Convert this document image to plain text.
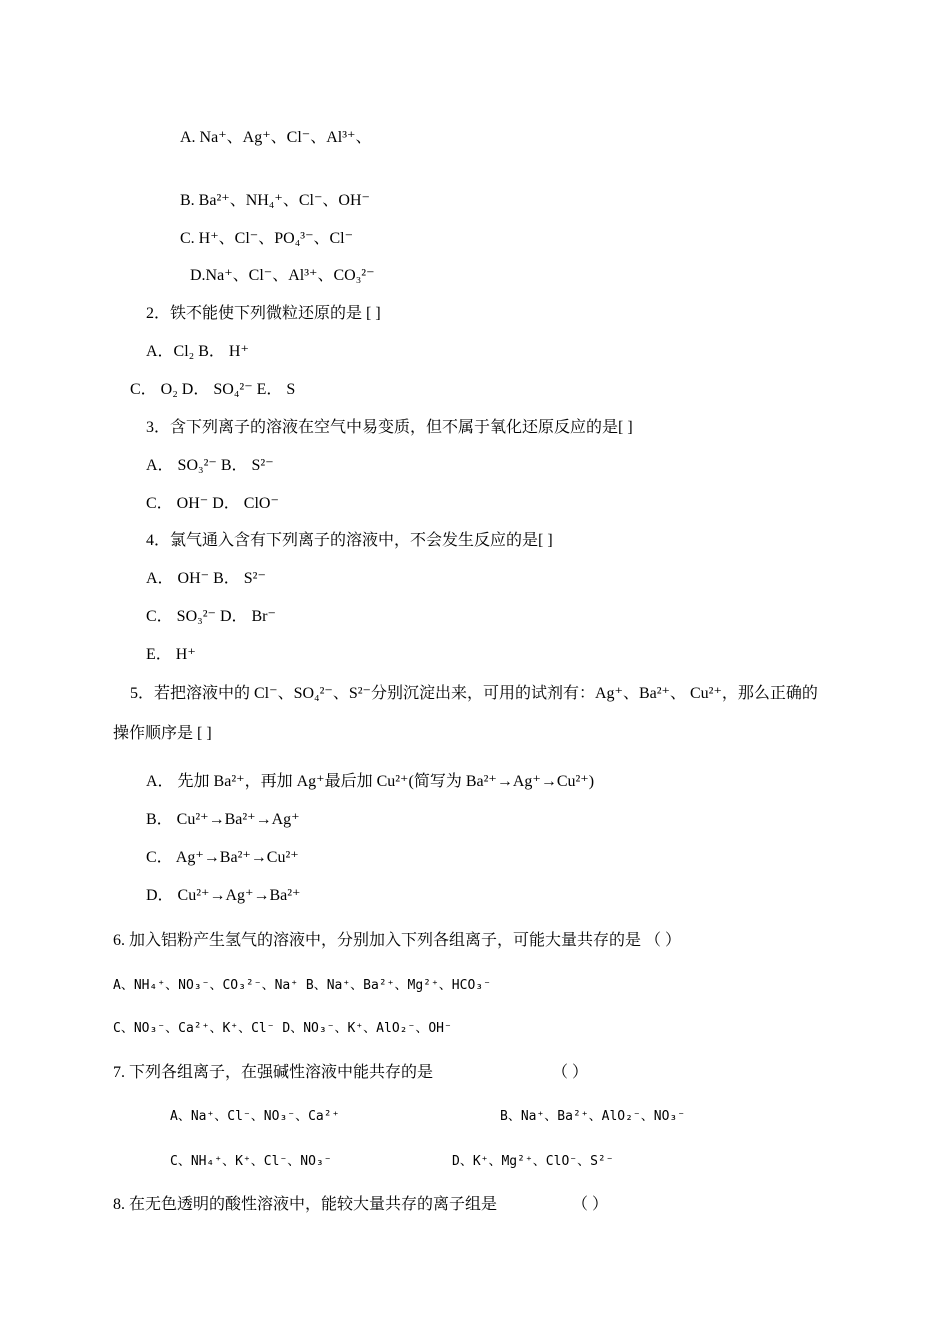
A. Na⁺、Ag⁺、Cl⁻、Al³⁺、
B. Ba²⁺、NH₄⁺、Cl⁻、OH⁻
C. H⁺、Cl⁻、PO₄³⁻、Cl⁻
D.Na⁺、Cl⁻、Al³⁺、CO₃²⁻
2．铁不能使下列微粒还原的是 [ ]
A．Cl₂ B． H⁺
C． O₂ D． SO₄²⁻ E． S
3．含下列离子的溶液在空气中易变质，但不属于氧化还原反应的是[ ]
A． SO₃²⁻ B． S²⁻
C． OH⁻ D． ClO⁻
4．氯气通入含有下列离子的溶液中，不会发生反应的是[ ]
A． OH⁻ B． S²⁻
C． SO₃²⁻ D． Br⁻
E． H⁺
5．若把溶液中的 Cl⁻、SO₄²⁻、S²⁻分别沉淀出来，可用的试剂有：Ag⁺、Ba²⁺、 Cu²⁺，那么正确的
操作顺序是 [ ]
A． 先加 Ba²⁺，再加 Ag⁺最后加 Cu²⁺(简写为 Ba²⁺→Ag⁺→Cu²⁺)
B． Cu²⁺→Ba²⁺→Ag⁺
C． Ag⁺→Ba²⁺→Cu²⁺
D． Cu²⁺→Ag⁺→Ba²⁺
6. 加入铝粉产生氢气的溶液中，分别加入下列各组离子，可能大量共存的是 （ ）
A、NH₄⁺、NO₃⁻、CO₃²⁻、Na⁺ B、Na⁺、Ba²⁺、Mg²⁺、HCO₃⁻
C、NO₃⁻、Ca²⁺、K⁺、Cl⁻ D、NO₃⁻、K⁺、AlO₂⁻、OH⁻
7. 下列各组离子，在强碱性溶液中能共存的是	（ ）
A、Na⁺、Cl⁻、NO₃⁻、Ca²⁺	B、Na⁺、Ba²⁺、AlO₂⁻、NO₃⁻
C、NH₄⁺、K⁺、Cl⁻、NO₃⁻	D、K⁺、Mg²⁺、ClO⁻、S²⁻
8. 在无色透明的酸性溶液中，能较大量共存的离子组是	（ ）
